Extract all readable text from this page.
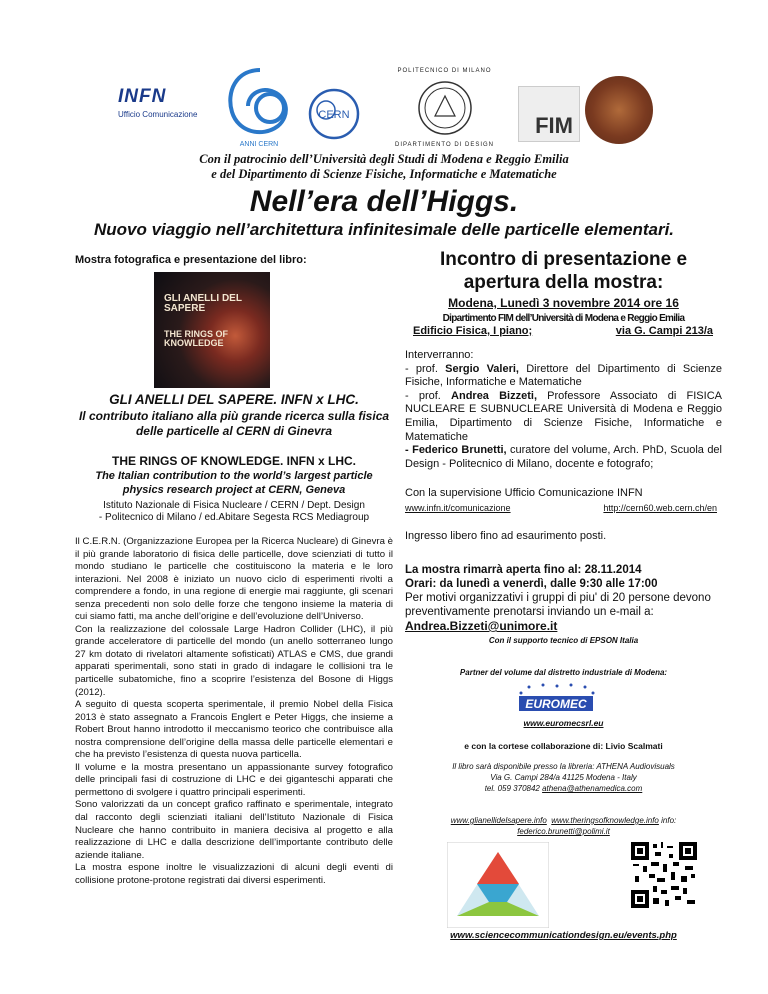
INFN
Ufficio Comunicazione
ANNI CERN
CERN
POLITECNICO DI MILANO
DIPARTIMENTO DI DESIGN
FIM
Con il patrocinio dell’Università degli Studi di Modena e Reggio Emilia
e del Dipartimento di Scienze Fisiche, Informatiche e Matematiche
Nell’era dell’Higgs.
Nuovo viaggio nell’architettura infinitesimale delle particelle elementari.
Mostra fotografica e presentazione del libro:
GLI ANELLI DEL SAPERE
THE RINGS OF KNOWLEDGE
GLI ANELLI DEL SAPERE. INFN x LHC.
Il contributo italiano alla più grande ricerca sulla fisica delle particelle al CERN di Ginevra
THE RINGS OF KNOWLEDGE. INFN x LHC.
The Italian contribution to the world’s largest particle physics research project at CERN, Geneva
Istituto Nazionale di Fisica Nucleare / CERN / Dept. Design
- Politecnico di Milano / ed.Abitare Segesta RCS Mediagroup

Il C.E.R.N. (Organizzazione Europea per la Ricerca Nucleare) di Ginevra è il più grande laboratorio di fisica delle particelle, dove scienziati di tutto il mondo studiano le particelle che costituiscono la materia e le loro interazioni. Nel 2008 è iniziato un nuovo ciclo di esperimenti rivolti a comprendere a fondo, in una regione di energie mai raggiunte, gli scenari senza precedenti non solo delle forze che tengono insieme la materia di cui siamo fatti, ma anche dell’origine e dell’evoluzione dell’Universo.

Con la realizzazione del colossale Large Hadron Collider (LHC), il più grande acceleratore di particelle del mondo (un anello sotterraneo lungo 27 km dotato di rivelatori altamente sofisticati) ATLAS e CMS, due grandi apparati sperimentali, sono stati in grado di indagare le collisioni tra le particelle subatomiche, fino a scoprire l’esistenza del Bosone di Higgs (2012).

A seguito di questa scoperta sperimentale, il premio Nobel della Fisica 2013 è stato assegnato a Francois Englert e Peter Higgs, che insieme a Robert Brout hanno introdotto il meccanismo teorico che contribuisce alla nostra comprensione dell’origine della massa delle particelle elementari e che ha previsto l’esistenza di questa nuova particella.

Il volume e la mostra presentano un appassionante survey fotografico delle principali fasi di costruzione di LHC e dei giganteschi apparati che permettono di svolgere i quattro principali esperimenti.

Sono valorizzati da un concept grafico raffinato e sperimentale, integrato dal racconto degli scienziati italiani dell’Istituto Nazionale di Fisica Nucleare che hanno contribuito in maniera decisiva al progetto e alla realizzazione di LHC e dalla descrizione dell’importante contributo delle aziende italiane.

La mostra espone inoltre le visualizzazioni di alcuni degli eventi di collisione protone-protone registrati dai diversi esperimenti.

Incontro di presentazione e apertura della mostra:
Modena, Lunedì 3 novembre 2014 ore 16
Dipartimento FIM dell’Università di Modena e Reggio Emilia
Edificio Fisica, I piano;	via G. Campi 213/a
Interverranno:
- prof. Sergio Valeri, Direttore del Dipartimento di Scienze Fisiche, Informatiche e Matematiche
- prof. Andrea Bizzeti, Professore Associato di FISICA NUCLEARE E SUBNUCLEARE Università di Modena e Reggio Emilia, Dipartimento di Scienze Fisiche, Informatiche e Matematiche
- Federico Brunetti, curatore del volume, Arch. PhD, Scuola del Design - Politecnico di Milano, docente e fotografo;
Con la supervisione Ufficio Comunicazione INFN
www.infn.it/comunicazione	http://cern60.web.cern.ch/en
Ingresso libero fino ad esaurimento posti.
La mostra rimarrà aperta fino al: 28.11.2014
Orari: da lunedì a venerdì, dalle 9:30 alle 17:00
Per motivi organizzativi i gruppi di piu' di 20 persone devono preventivamente prenotarsi inviando un e-mail a: Andrea.Bizzeti@unimore.it
Con il supporto tecnico di EPSON Italia
Partner del volume dal distretto industriale di Modena:
EUROMEC
www.euromecsrl.eu
e con la cortese collaborazione di: Livio Scalmati
Il libro sarà disponibile presso la libreria: ATHENA Audiovisuals
Via G. Campi 284/a 41125 Modena - Italy
tel. 059 370842 athena@athenamedica.com
www.glianellidelsapere.info www.theringsofknowledge.info info:
federico.brunetti@polimi.it
www.sciencecommunicationdesign.eu/events.php
